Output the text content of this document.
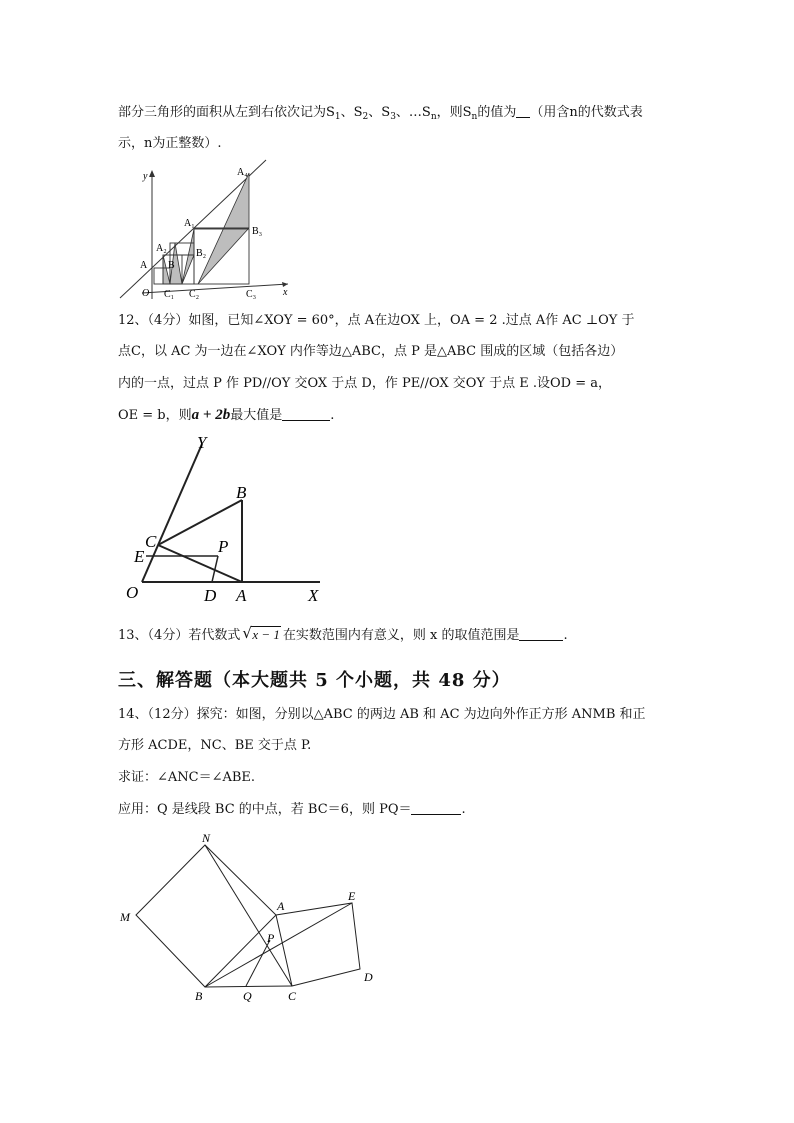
部分三角形的面积从左到右依次记为$S_1$、$S_2$、$S_3$、$\dots S_n$，则$S_n$的值为 （用含n的代数式表
示，n为正整数）.
y
x
O
A
A₂
A₁
A₄
B
B₂
B₃
C₁ C₂	C₃
12、（4分）如图，已知∠XOY = 60°，点 A在边OX 上，OA = 2 .过点 A作 AC ⊥OY 于
点C，以 AC 为一边在∠XOY 内作等边△ABC，点 P 是△ABC 围成的区域（包括各边）
内的一点，过点 P 作 PD//OY 交OX 于点 D，作 PE//OX 交OY 于点 E .设OD = a，
OE = b，则a + 2b最大值是	.
Y
B
C
E
P
O	D A	X
13、（4分）若代数式 √ x − 1 在实数范围内有意义，则 x 的取值范围是	.
三、解答题（本大题共 5 个小题，共 48 分）
14、（12分）探究：如图，分别以△ABC 的两边 AB 和 AC 为边向外作正方形 ANMB 和正
方形 ACDE，NC、BE 交于点 P.
求证：∠ANC＝∠ABE.
应用：Q 是线段 BC 的中点，若 BC＝6，则 PQ＝	.
N
M
A
E
P
D
B	Q	C
